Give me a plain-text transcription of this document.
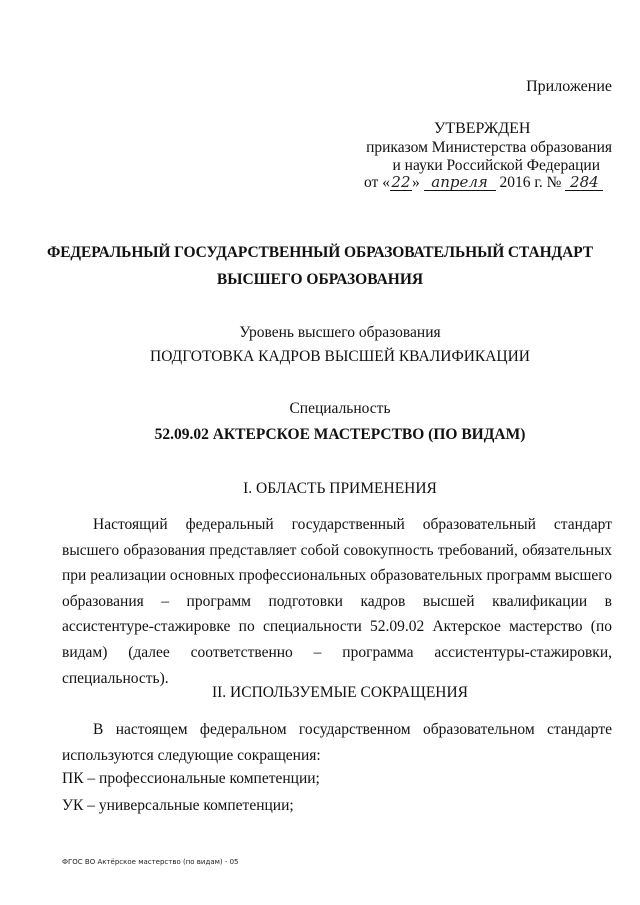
Приложение
УТВЕРЖДЕН
приказом Министерства образования
и науки Российской Федерации
от «22» апреля 2016 г. № 284
ФЕДЕРАЛЬНЫЙ ГОСУДАРСТВЕННЫЙ ОБРАЗОВАТЕЛЬНЫЙ СТАНДАРТ
ВЫСШЕГО ОБРАЗОВАНИЯ
Уровень высшего образования
ПОДГОТОВКА КАДРОВ ВЫСШЕЙ КВАЛИФИКАЦИИ
Специальность
52.09.02 АКТЕРСКОЕ МАСТЕРСТВО (ПО ВИДАМ)
I. ОБЛАСТЬ ПРИМЕНЕНИЯ
Настоящий федеральный государственный образовательный стандарт высшего образования представляет собой совокупность требований, обязательных при реализации основных профессиональных образовательных программ высшего образования – программ подготовки кадров высшей квалификации в ассистентуре-стажировке по специальности 52.09.02 Актерское мастерство (по видам) (далее соответственно – программа ассистентуры-стажировки, специальность).
II. ИСПОЛЬЗУЕМЫЕ СОКРАЩЕНИЯ
В настоящем федеральном государственном образовательном стандарте используются следующие сокращения:
ПК – профессиональные компетенции;
УК – универсальные компетенции;
ФГОС ВО Актёрское мастерство (по видам) - 05
